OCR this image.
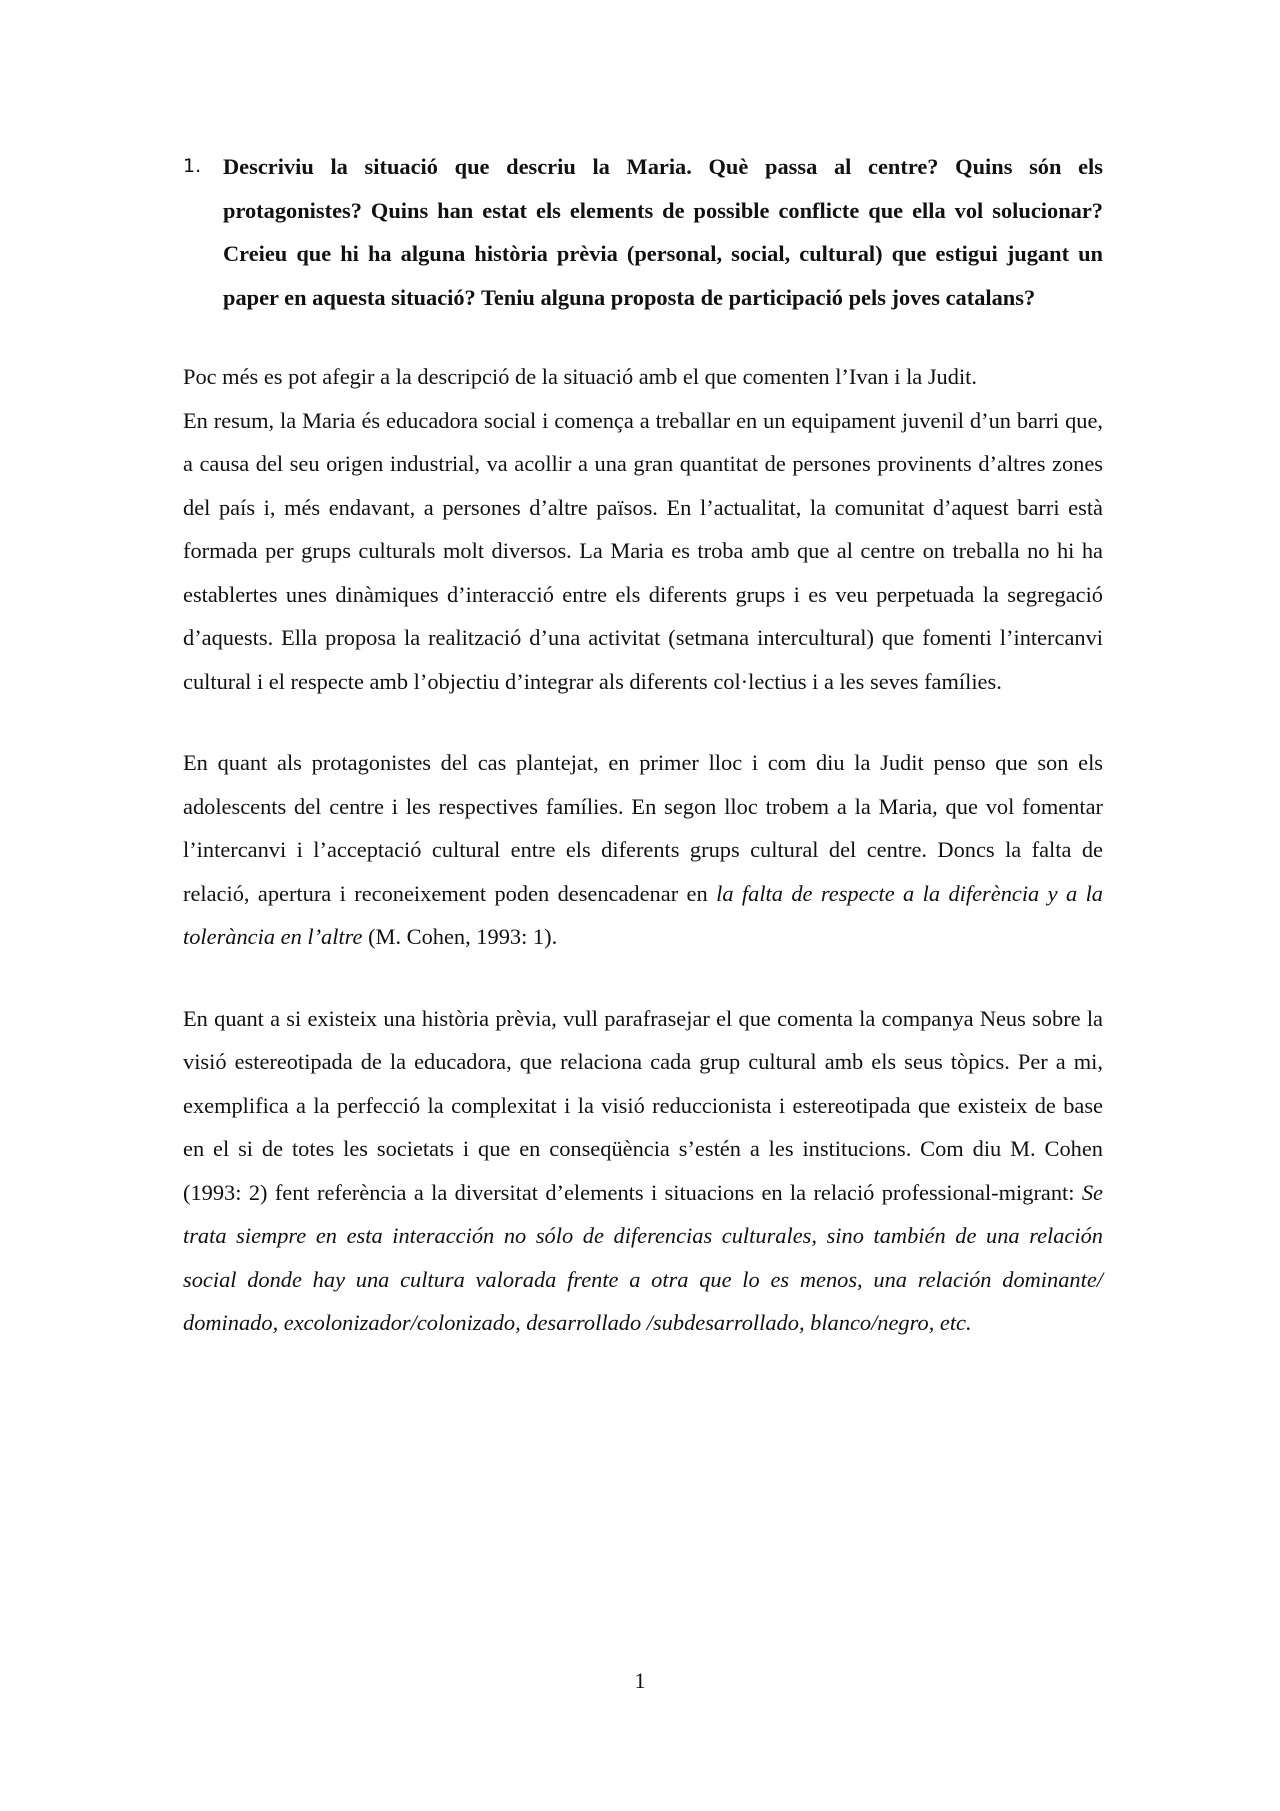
1. Descriviu la situació que descriu la Maria. Què passa al centre? Quins són els protagonistes? Quins han estat els elements de possible conflicte que ella vol solucionar? Creieu que hi ha alguna història prèvia (personal, social, cultural) que estigui jugant un paper en aquesta situació? Teniu alguna proposta de participació pels joves catalans?

Poc més es pot afegir a la descripció de la situació amb el que comenten l’Ivan i la Judit.

En resum, la Maria és educadora social i comença a treballar en un equipament juvenil d’un barri que, a causa del seu origen industrial, va acollir a una gran quantitat de persones provinents d’altres zones del país i, més endavant, a persones d’altre països. En l’actualitat, la comunitat d’aquest barri està formada per grups culturals molt diversos. La Maria es troba amb que al centre on treballa no hi ha establertes unes dinàmiques d’interacció entre els diferents grups i es veu perpetuada la segregació d’aquests. Ella proposa la realització d’una activitat (setmana intercultural) que fomenti l’intercanvi cultural i el respecte amb l’objectiu d’integrar als diferents col·lectius i a les seves famílies.

En quant als protagonistes del cas plantejat, en primer lloc i com diu la Judit penso que son els adolescents del centre i les respectives famílies. En segon lloc trobem a la Maria, que vol fomentar l’intercanvi i l’acceptació cultural entre els diferents grups cultural del centre. Doncs la falta de relació, apertura i reconeixement poden desencadenar en la falta de respecte a la diferència y a la tolerància en l’altre (M. Cohen, 1993: 1).

En quant a si existeix una història prèvia, vull parafrasejar el que comenta la companya Neus sobre la visió estereotipada de la educadora, que relaciona cada grup cultural amb els seus tòpics. Per a mi, exemplifica a la perfecció la complexitat i la visió reduccionista i estereotipada que existeix de base en el si de totes les societats i que en conseqüència s’estén a les institucions. Com diu M. Cohen (1993: 2) fent referència a la diversitat d’elements i situacions en la relació professional-migrant: Se trata siempre en esta interacción no sólo de diferencias culturales, sino también de una relación social donde hay una cultura valorada frente a otra que lo es menos, una relación dominante/ dominado, excolonizador/colonizado, desarrollado /subdesarrollado, blanco/negro, etc.

1
